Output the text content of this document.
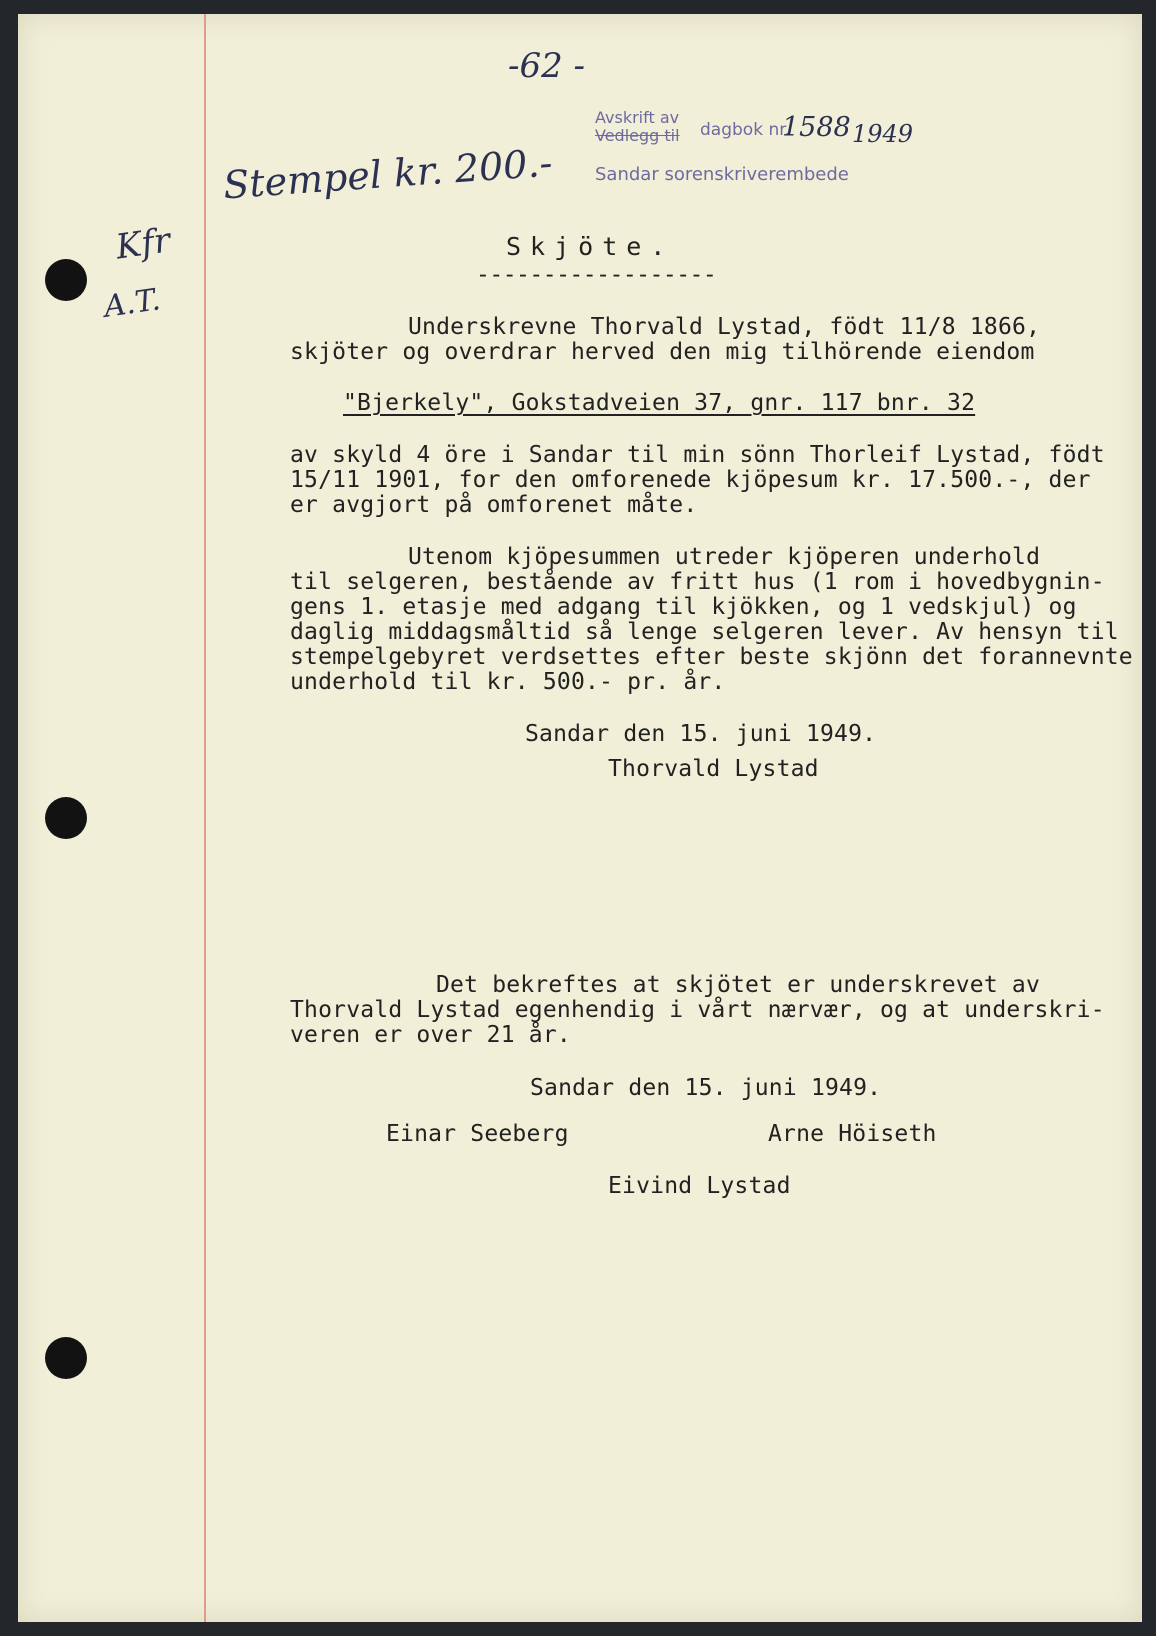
-62 -
Avskrift av
Vedlegg til dagbok nr.
1588 1949
Sandar sorenskriverembede
Stempel kr. 200.-
Kfr
A.T.
Skjöte.
------------------
Underskrevne Thorvald Lystad, födt 11/8 1866,
skjöter og overdrar herved den mig tilhörende eiendom
"Bjerkely", Gokstadveien 37, gnr. 117 bnr. 32
av skyld 4 öre i Sandar til min sönn Thorleif Lystad, födt
15/11 1901, for den omforenede kjöpesum kr. 17.500.-, der
er avgjort på omforenet måte.
Utenom kjöpesummen utreder kjöperen underhold
til selgeren, bestående av fritt hus (1 rom i hovedbygnin-
gens 1. etasje med adgang til kjökken, og 1 vedskjul) og
daglig middagsmåltid så lenge selgeren lever. Av hensyn til
stempelgebyret verdsettes efter beste skjönn det forannevnte
underhold til kr. 500.- pr. år.
Sandar den 15. juni 1949.
Thorvald Lystad
Det bekreftes at skjötet er underskrevet av
Thorvald Lystad egenhendig i vårt nærvær, og at underskri-
veren er over 21 år.
Sandar den 15. juni 1949.
Einar Seeberg	Arne Höiseth
Eivind Lystad
